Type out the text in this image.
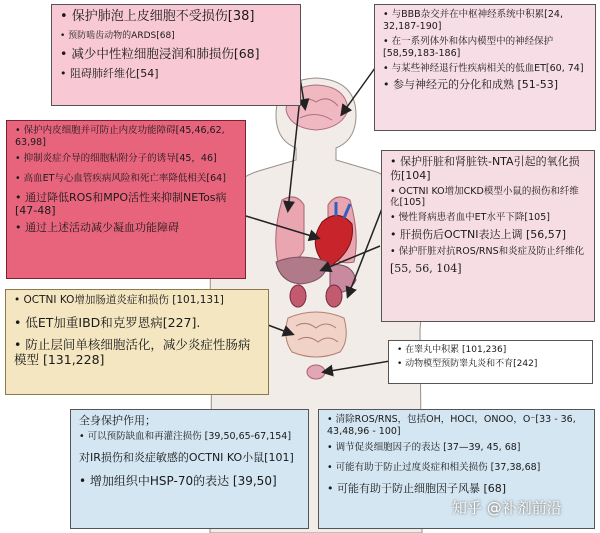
• 保护肺泡上皮细胞不受损伤[38]
• 预防啮齿动物的ARDS[68]
• 减少中性粒细胞浸润和肺损伤[68]
• 阻碍肺纤维化[54]
• 与BBB杂交并在中枢神经系统中积累[24, 32,187-190]
• 在一系列体外和体内模型中的神经保护[58,59,183-186]
• 与某些神经退行性疾病相关的低血ET[60, 74]
• 参与神经元的分化和成熟 [51-53]
• 保护内皮细胞并可防止内皮功能障碍[45,46,62, 63,98]
• 抑制炎症介导的细胞粘附分子的诱导[45，46]
• 高血ET与心血管疾病风险和死亡率降低相关[64]
• 通过降低ROS和MPO活性来抑制NETos病[47-48]
• 通过上述活动减少凝血功能障碍
• 保护肝脏和肾脏铁-NTA引起的氧化损伤[104]
• OCTNI KO增加CKD模型小鼠的损伤和纤维化[105]
• 慢性肾病患者血中ET水平下降[105]
• 肝损伤后OCTNI表达上调 [56,57]
• 保护肝脏对抗ROS/RNS和炎症及防止纤维化
[55, 56, 104]
• OCTNI KO增加肠道炎症和损伤 [101,131]
• 低ET加重IBD和克罗恩病[227].
• 防止层间单核细胞活化，减少炎症性肠病模型 [131,228]
• 在睾丸中积累 [101,236]
• 动物模型预防睾丸炎和不育[242]
全身保护作用；
• 可以预防缺血和再灌注损伤 [39,50,65-67,154]
对IR损伤和炎症敏感的OCTNI KO小鼠[101]
• 增加组织中HSP-70的表达 [39,50]
• 清除ROS/RNS，包括OH，HOCI，ONOO，O⁻[33 - 36, 43,48,96 - 100]
• 调节促炎细胞因子的表达 [37—39, 45, 68]
• 可能有助于防止过度炎症和相关损伤 [37,38,68]
• 可能有助于防止细胞因子风暴 [68]
知乎 @补剂前沿
